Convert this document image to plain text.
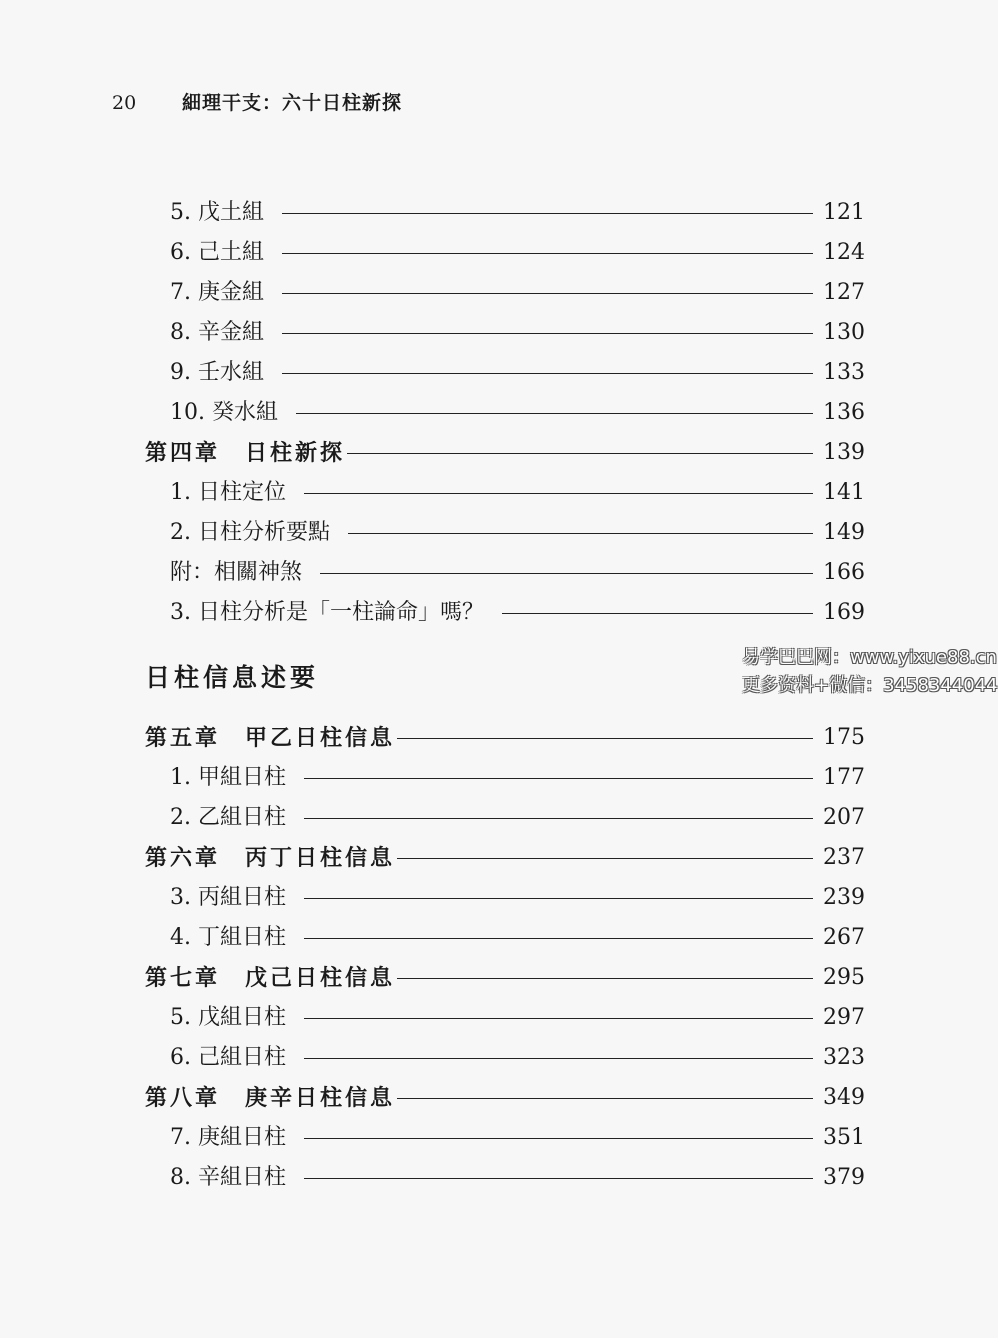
20 細理干支：六十日柱新探
5. 戊土組	121
6. 己土組	124
7. 庚金組	127
8. 辛金組	130
9. 壬水組	133
10. 癸水組	136
第四章　日柱新探	139
1. 日柱定位	141
2. 日柱分析要點	149
附：相關神煞	166
3. 日柱分析是「一柱論命」嗎？	169
日柱信息述要
第五章　甲乙日柱信息	175
1. 甲組日柱	177
2. 乙組日柱	207
第六章　丙丁日柱信息	237
3. 丙組日柱	239
4. 丁組日柱	267
第七章　戊己日柱信息	295
5. 戊組日柱	297
6. 己組日柱	323
第八章　庚辛日柱信息	349
7. 庚組日柱	351
8. 辛組日柱	379
易学巴巴网：www.yixue88.cn
更多资料+微信：3458344044
